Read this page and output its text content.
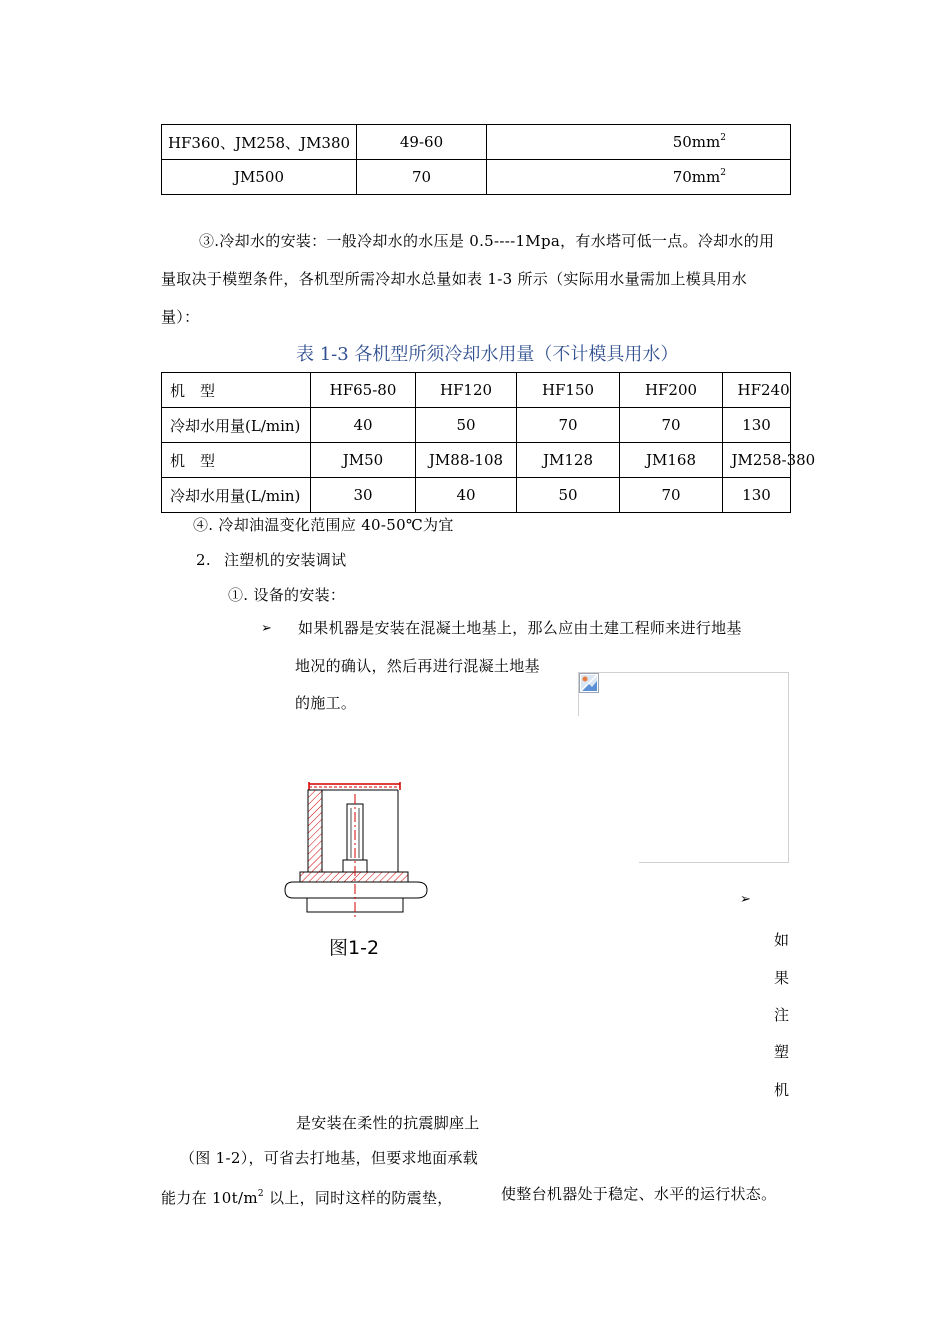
HF360、JM258、JM380	49-60	$50mm^2$
JM500	70	$70mm^2$
③.冷却水的安装：一般冷却水的水压是 0.5----1Mpa，有水塔可低一点。冷却水的用
量取决于模塑条件，各机型所需冷却水总量如表 1-3 所示（实际用水量需加上模具用水
量）：
表 1-3 各机型所须冷却水用量（不计模具用水）
机　型	HF65-80	HF120	HF150	HF200	HF240
冷却水用量(L/min)	40	50	70	70	130
机　型	JM50	JM88-108	JM128	JM168	JM258-380
冷却水用量(L/min)	30	40	50	70	130
④. 冷却油温变化范围应 40-50℃为宜
2. 注塑机的安装调试
①. 设备的安装：
➢ 如果机器是安装在混凝土地基上，那么应由土建工程师来进行地基
地况的确认，然后再进行混凝土地基
的施工。
图1-2
➢
如
果
注
塑
机
是安装在柔性的抗震脚座上
（图 1-2），可省去打地基，但要求地面承载
能力在 $10t/m^2$ 以上，同时这样的防震垫，	使整台机器处于稳定、水平的运行状态。
